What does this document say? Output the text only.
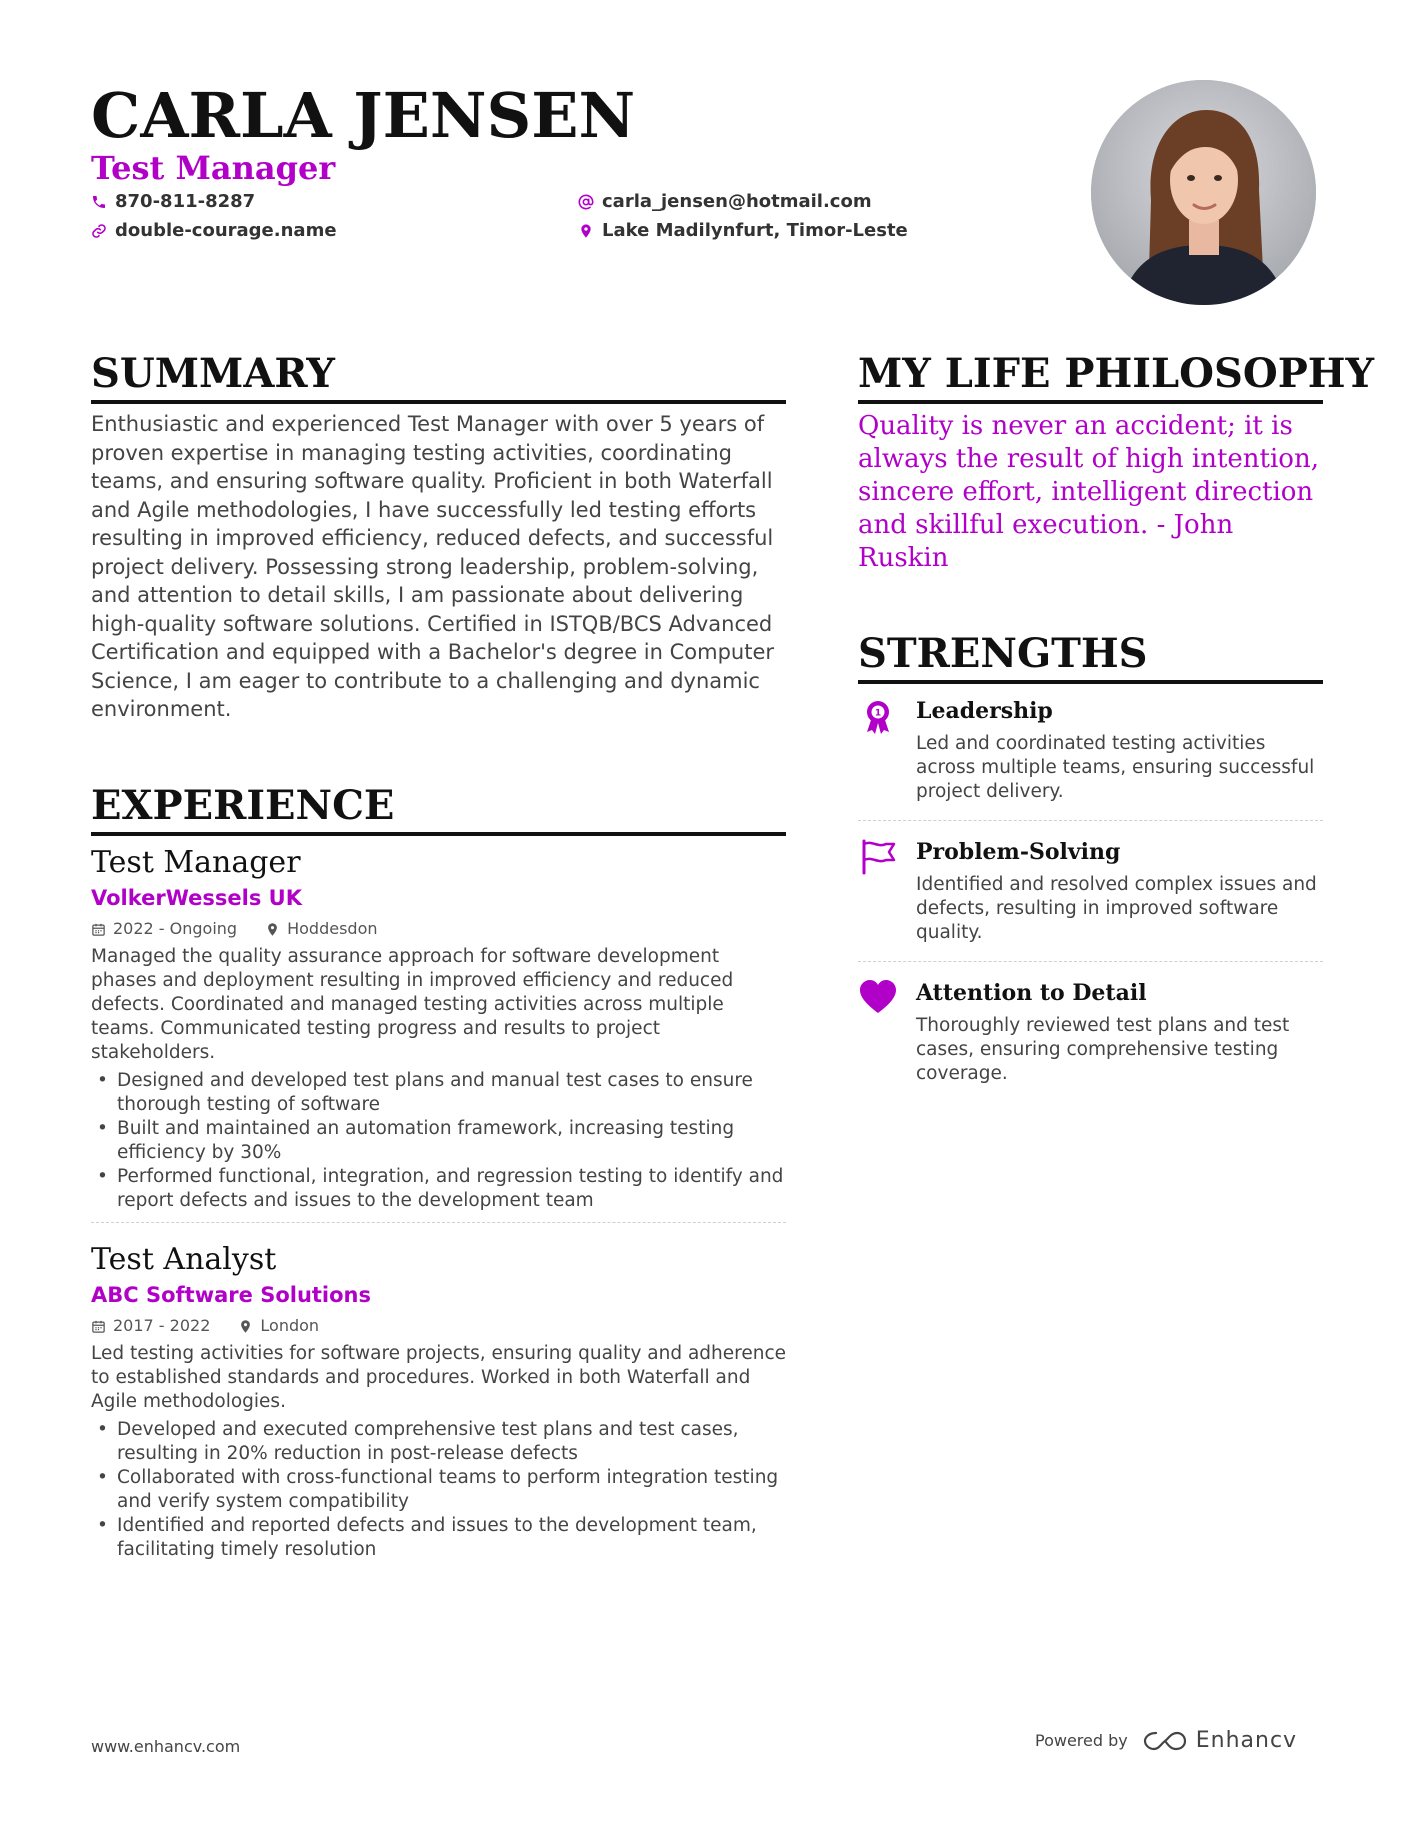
CARLA JENSEN
Test Manager
870-811-8287
double-courage.name
carla_jensen@hotmail.com
Lake Madilynfurt, Timor-Leste
SUMMARY
Enthusiastic and experienced Test Manager with over 5 years of proven expertise in managing testing activities, coordinating teams, and ensuring software quality. Proficient in both Waterfall and Agile methodologies, I have successfully led testing efforts resulting in improved efficiency, reduced defects, and successful project delivery. Possessing strong leadership, problem-solving, and attention to detail skills, I am passionate about delivering high-quality software solutions. Certified in ISTQB/BCS Advanced Certification and equipped with a Bachelor's degree in Computer Science, I am eager to contribute to a challenging and dynamic environment.
MY LIFE PHILOSOPHY
Quality is never an accident; it is always the result of high intention, sincere effort, intelligent direction and skillful execution. - John Ruskin
EXPERIENCE
Test Manager
VolkerWessels UK
2022 - Ongoing	Hoddesdon
Managed the quality assurance approach for software development phases and deployment resulting in improved efficiency and reduced defects. Coordinated and managed testing activities across multiple teams. Communicated testing progress and results to project stakeholders.
• Designed and developed test plans and manual test cases to ensure thorough testing of software
• Built and maintained an automation framework, increasing testing efficiency by 30%
• Performed functional, integration, and regression testing to identify and report defects and issues to the development team
Test Analyst
ABC Software Solutions
2017 - 2022	London
Led testing activities for software projects, ensuring quality and adherence to established standards and procedures. Worked in both Waterfall and Agile methodologies.
• Developed and executed comprehensive test plans and test cases, resulting in 20% reduction in post-release defects
• Collaborated with cross-functional teams to perform integration testing and verify system compatibility
• Identified and reported defects and issues to the development team, facilitating timely resolution
STRENGTHS
1 Leadership
Led and coordinated testing activities across multiple teams, ensuring successful project delivery.
Problem-Solving
Identified and resolved complex issues and defects, resulting in improved software quality.
Attention to Detail
Thoroughly reviewed test plans and test cases, ensuring comprehensive testing coverage.
www.enhancv.com	Powered by	Enhancv
